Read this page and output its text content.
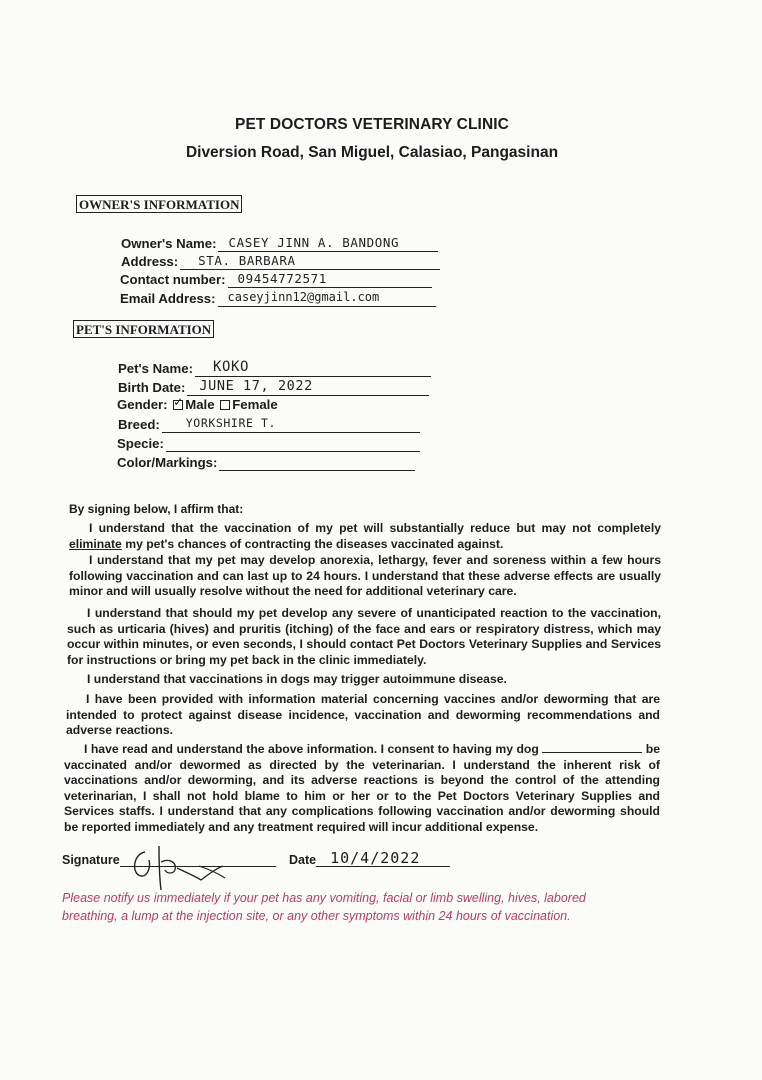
PET DOCTORS VETERINARY CLINIC
Diversion Road, San Miguel, Calasiao, Pangasinan
OWNER'S INFORMATION
Owner's Name: CASEY JINN A. BANDONG
Address: STA. BARBARA
Contact number: 09454772571
Email Address: caseyjinn12@gmail.com
PET'S INFORMATION
Pet's Name: KOKO
Birth Date: JUNE 17, 2022
Gender: ✓ Male Female
Breed: YORKSHIRE T.
Specie:
Color/Markings:
By signing below, I affirm that:
I understand that the vaccination of my pet will substantially reduce but may not completely eliminate my pet's chances of contracting the diseases vaccinated against.
I understand that my pet may develop anorexia, lethargy, fever and soreness within a few hours following vaccination and can last up to 24 hours. I understand that these adverse effects are usually minor and will usually resolve without the need for additional veterinary care.
I understand that should my pet develop any severe of unanticipated reaction to the vaccination, such as urticaria (hives) and pruritis (itching) of the face and ears or respiratory distress, which may occur within minutes, or even seconds, I should contact Pet Doctors Veterinary Supplies and Services for instructions or bring my pet back in the clinic immediately.
I understand that vaccinations in dogs may trigger autoimmune disease.
I have been provided with information material concerning vaccines and/or deworming that are intended to protect against disease incidence, vaccination and deworming recommendations and adverse reactions.
I have read and understand the above information. I consent to having my dog	be vaccinated and/or dewormed as directed by the veterinarian. I understand the inherent risk of vaccinations and/or deworming, and its adverse reactions is beyond the control of the attending veterinarian, I shall not hold blame to him or her or to the Pet Doctors Veterinary Supplies and Services staffs. I understand that any complications following vaccination and/or deworming should be reported immediately and any treatment required will incur additional expense.
Signature	Date 10/4/2022
Please notify us immediately if your pet has any vomiting, facial or limb swelling, hives, labored breathing, a lump at the injection site, or any other symptoms within 24 hours of vaccination.
